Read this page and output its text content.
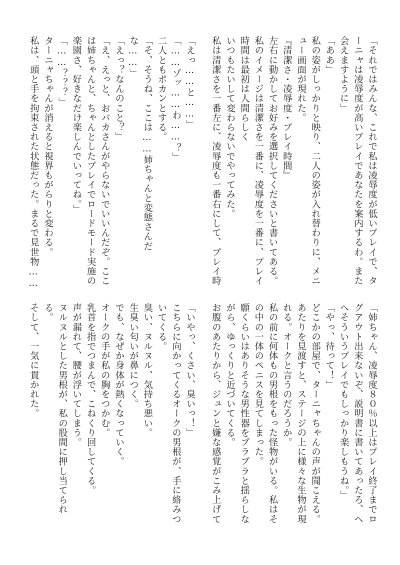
「それではみんな、これで私は凌辱度が低いプレイで、ターニャは凌辱度が高いプレイであなたを案内するわ。また会えますように」
「ああ」
私の姿がしっかりと映り、二人の姿が入れ替わりに、メニュー画面が現れた。
『清潔さ・凌辱度・プレイ時間』
左右に動かしてお好みを選択してくださいと書いてある。
私のイメージは清潔さを一番に、凌辱度を一番に、プレイ時間は最初は人間らしく
いつもたいして変わらないでやってみた。
私は清潔さを一番左に、凌辱度も一番右にして、プレイ時

「えっ……と……」
「……ゾッ……わ……？」
二人ともポカンとする。
「そ、そうね、ここは……姉ちゃんと変態さんだな……」
「えっ？なんのこと？」
「え、えっと、おバカさんがやらないでいいんだぞ。ここは姉ちゃんと、ちゃんとしたプレイでロードモード実施の楽園さ、好きなだけ楽しんでいってね。」
「……？？？」
ターニャちゃんが消えると視界もがらりと変わる。
私は、頭と手を拘束された状態だった。まるで見世物……

「姉ちゃん、凌辱度８０％以上はプレイ終了までログアウト出来ないぞ、説明書に書いてあったろ、へへそういうプレイでもしっかり楽しもうね。」
「やっ、待って！」
どこかの部屋で、ターニャちゃんの声が聞こえる。
あたりを見渡すと、ステージの上に様々な生物が現れる。オークと言うのだろうか。
私の前に何体もの男根をもった怪物がいる。私はその中の一体のペニスを見てしまった。
願くらいはありそうな男性器をブラブラと揺らしながら、ゆっくりと近づいてくる。
お腹のあたりから、ジュンと嫌な感覚がこみ上げて

「いやっ、くさい、臭いっ！」
こちらに向かってくるオークの男根が、手に絡みついてくる。
臭い、ヌルヌル、気持ち悪い。
生臭い匂いが鼻につく。
でも、なぜか身体が熱くなっていく。
オークの手が私の胸をつかむ。
乳首を指でつまんで、こねくり回してくる。
声が漏れて、腰が浮いてしまう。
ヌルヌルとした男根が、私の股間に押し当てられる。
そして、一気に貫かれた。
